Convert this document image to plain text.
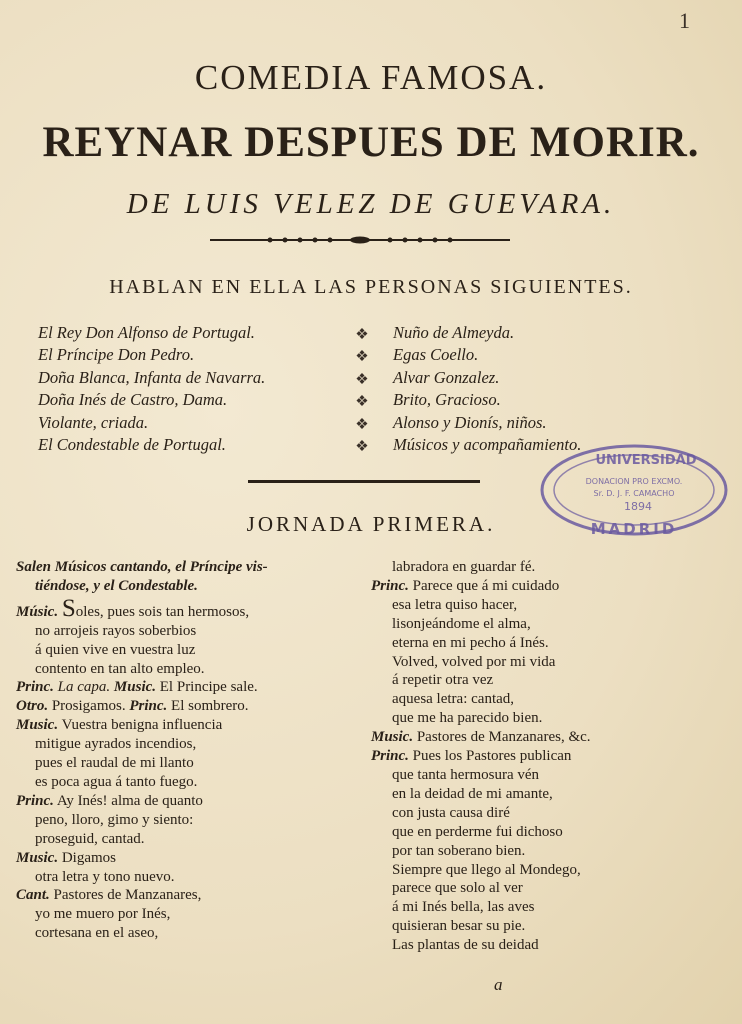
1
COMEDIA FAMOSA.
REYNAR DESPUES DE MORIR.
DE LUIS VELEZ DE GUEVARA.
HABLAN EN ELLA LAS PERSONAS SIGUIENTES.
El Rey Don Alfonso de Portugal.
El Príncipe Don Pedro.
Doña Blanca, Infanta de Navarra.
Doña Inés de Castro, Dama.
Violante, criada.
El Condestable de Portugal.
❖
❖
❖
❖
❖
❖
Nuño de Almeyda.
Egas Coello.
Alvar Gonzalez.
Brito, Gracioso.
Alonso y Dionís, niños.
Músicos y acompañamiento.
UNIVERSIDAD
DONACION PRO EXCMO.
Sr. D. J. F. CAMACHO
1894
MADRID
JORNADA PRIMERA.
Salen Músicos cantando, el Príncipe vis-
tiéndose, y el Condestable.
Músic. Soles, pues sois tan hermosos,
no arrojeis rayos soberbios
á quien vive en vuestra luz
contento en tan alto empleo.
Princ. La capa. Music. El Principe sale.
Otro. Prosigamos. Princ. El sombrero.
Music. Vuestra benigna influencia
mitigue ayrados incendios,
pues el raudal de mi llanto
es poca agua á tanto fuego.
Princ. Ay Inés! alma de quanto
peno, lloro, gimo y siento:
proseguid, cantad.
Music. Digamos
otra letra y tono nuevo.
Cant. Pastores de Manzanares,
yo me muero por Inés,
cortesana en el aseo,
labradora en guardar fé.
Princ. Parece que á mi cuidado
esa letra quiso hacer,
lisonjeándome el alma,
eterna en mi pecho á Inés.
Volved, volved por mi vida
á repetir otra vez
aquesa letra: cantad,
que me ha parecido bien.
Music. Pastores de Manzanares, &c.
Princ. Pues los Pastores publican
que tanta hermosura vén
en la deidad de mi amante,
con justa causa diré
que en perderme fui dichoso
por tan soberano bien.
Siempre que llego al Mondego,
parece que solo al ver
á mi Inés bella, las aves
quisieran besar su pie.
Las plantas de su deidad
a
